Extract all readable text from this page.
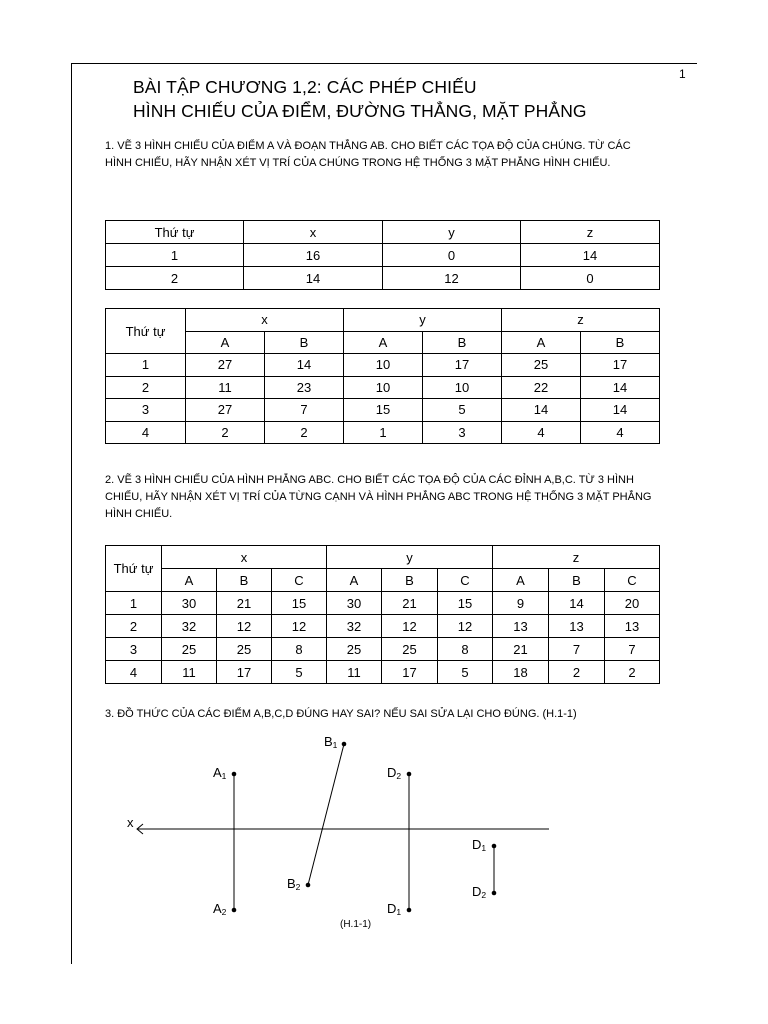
1
BÀI TẬP CHƯƠNG 1,2: CÁC PHÉP CHIẾU
HÌNH CHIẾU CỦA ĐIỂM, ĐƯỜNG THẲNG, MẶT PHẲNG
1. VẼ 3 HÌNH CHIẾU CỦA ĐIỂM A VÀ ĐOẠN THẲNG AB. CHO BIẾT CÁC TỌA ĐỘ CỦA CHÚNG. TỪ CÁC HÌNH CHIẾU, HÃY NHẬN XÉT VỊ TRÍ CỦA CHÚNG TRONG HỆ THỐNG 3 MẶT PHẲNG HÌNH CHIẾU.
Thứ tự	x	y	z
1	16	0	14
2	14	12	0
Thứ tự	x		y		z	
	A	B	A	B	A	B
1	27	14	10	17	25	17
2	11	23	10	10	22	14
3	27	7	15	5	14	14
4	2	2	1	3	4	4
2. VẼ 3 HÌNH CHIẾU CỦA HÌNH PHẲNG ABC. CHO BIẾT CÁC TỌA ĐỘ CỦA CÁC ĐỈNH A,B,C. TỪ 3 HÌNH CHIẾU, HÃY NHẬN XÉT VỊ TRÍ CỦA TỪNG CẠNH VÀ HÌNH PHẲNG ABC TRONG HỆ THỐNG 3 MẶT PHẲNG HÌNH CHIẾU.
Thứ tự	x			y			z		
	A	B	C	A	B	C	A	B	C
1	30	21	15	30	21	15	9	14	20
2	32	12	12	32	12	12	13	13	13
3	25	25	8	25	25	8	21	7	7
4	11	17	5	11	17	5	18	2	2
3. ĐỒ THỨC CỦA CÁC ĐIỂM A,B,C,D ĐÚNG HAY SAI? NẾU SAI SỬA LẠI CHO ĐÚNG. (H.1-1)
x
A1
A2
B1
B2
D2
D1
D1
D2
(H.1-1)
